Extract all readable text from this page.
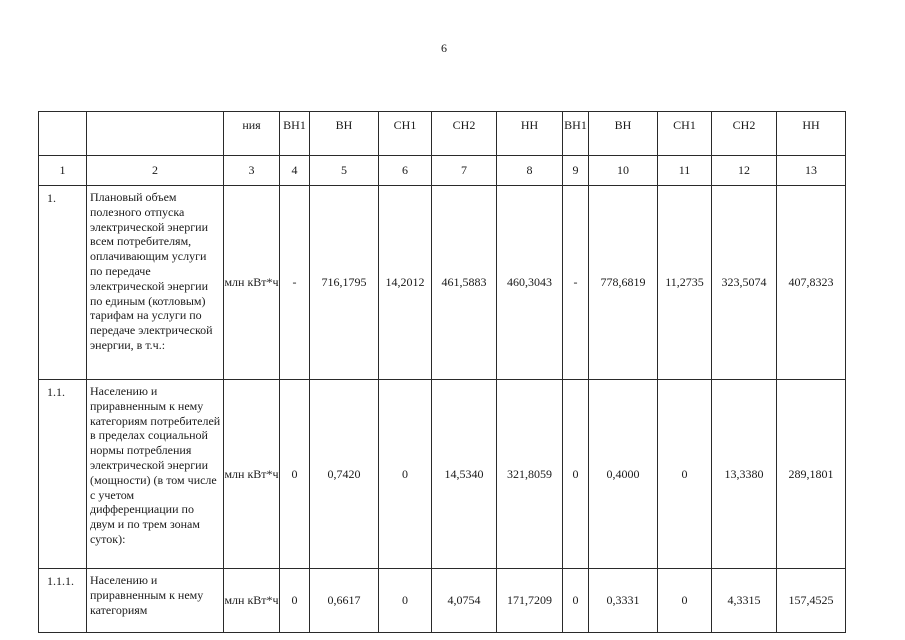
6
		ния	ВН1	ВН	СН1	СН2	НН	ВН1	ВН	СН1	СН2	НН
1	2	3	4	5	6	7	8	9	10	11	12	13
1.	Плановый объем полезного отпуска электрической энергии всем потребителям, оплачивающим услуги по передаче электрической энергии по единым (котловым) тарифам на услуги по передаче электрической энергии, в т.ч.:	млн кВт*ч	-	716,1795	14,2012	461,5883	460,3043	-	778,6819	11,2735	323,5074	407,8323
1.1.	Населению и приравненным к нему категориям потребителей в пределах социальной нормы потребления электрической энергии (мощности) (в том числе с учетом дифференциации по двум и по трем зонам суток):	млн кВт*ч	0	0,7420	0	14,5340	321,8059	0	0,4000	0	13,3380	289,1801
1.1.1.	Населению и приравненным к нему категориям	млн кВт*ч	0	0,6617	0	4,0754	171,7209	0	0,3331	0	4,3315	157,4525
